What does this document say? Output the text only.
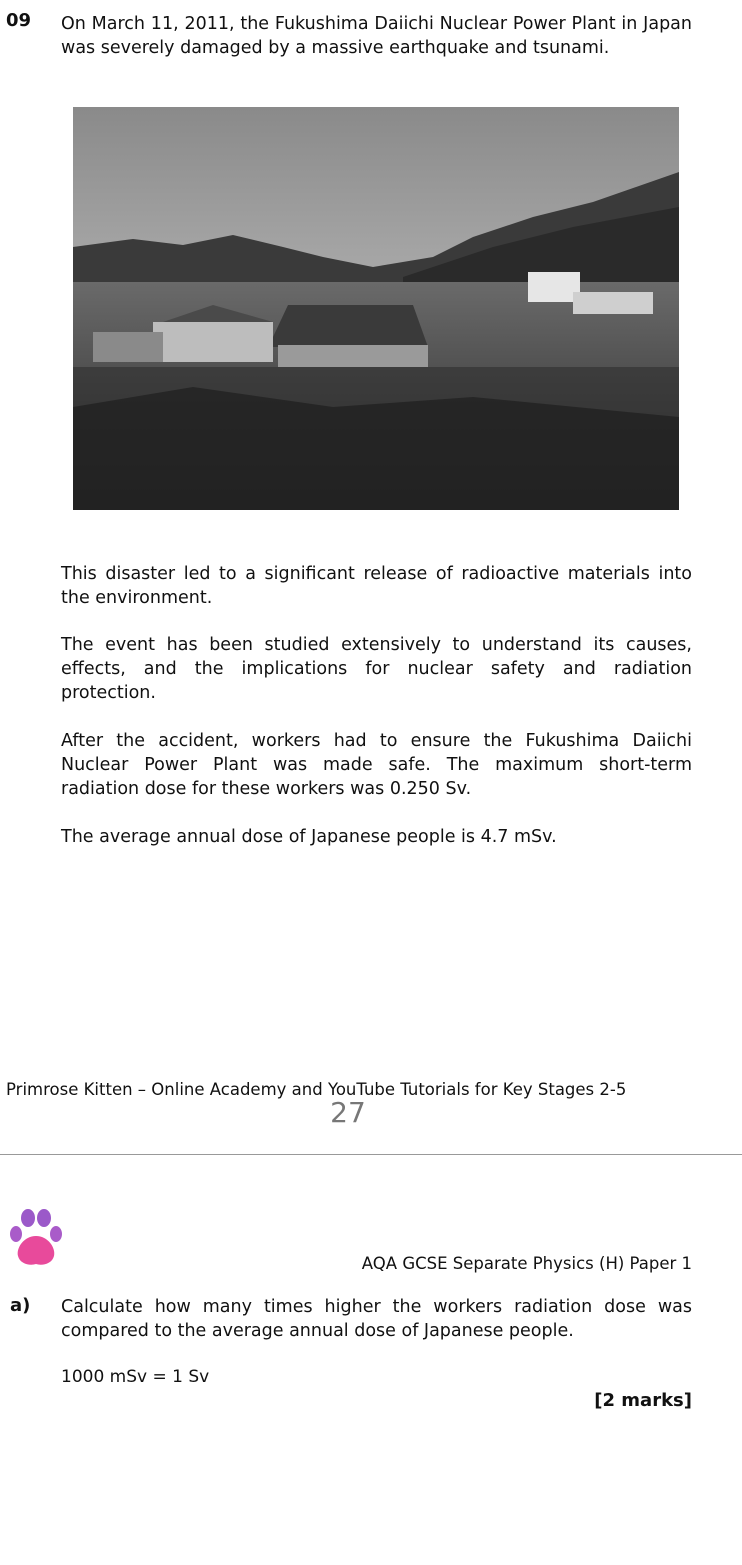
09 On March 11, 2011, the Fukushima Daiichi Nuclear Power Plant in Japan was severely damaged by a massive earthquake and tsunami.

This disaster led to a significant release of radioactive materials into the environment.

The event has been studied extensively to understand its causes, effects, and the implications for nuclear safety and radiation protection.

After the accident, workers had to ensure the Fukushima Daiichi Nuclear Power Plant was made safe. The maximum short-term radiation dose for these workers was 0.250 Sv.

The average annual dose of Japanese people is 4.7 mSv.

Primrose Kitten – Online Academy and YouTube Tutorials for Key Stages 2-5
27
AQA GCSE Separate Physics (H) Paper 1
a) Calculate how many times higher the workers radiation dose was compared to the average annual dose of Japanese people.

1000 mSv = 1 Sv
[2 marks]
